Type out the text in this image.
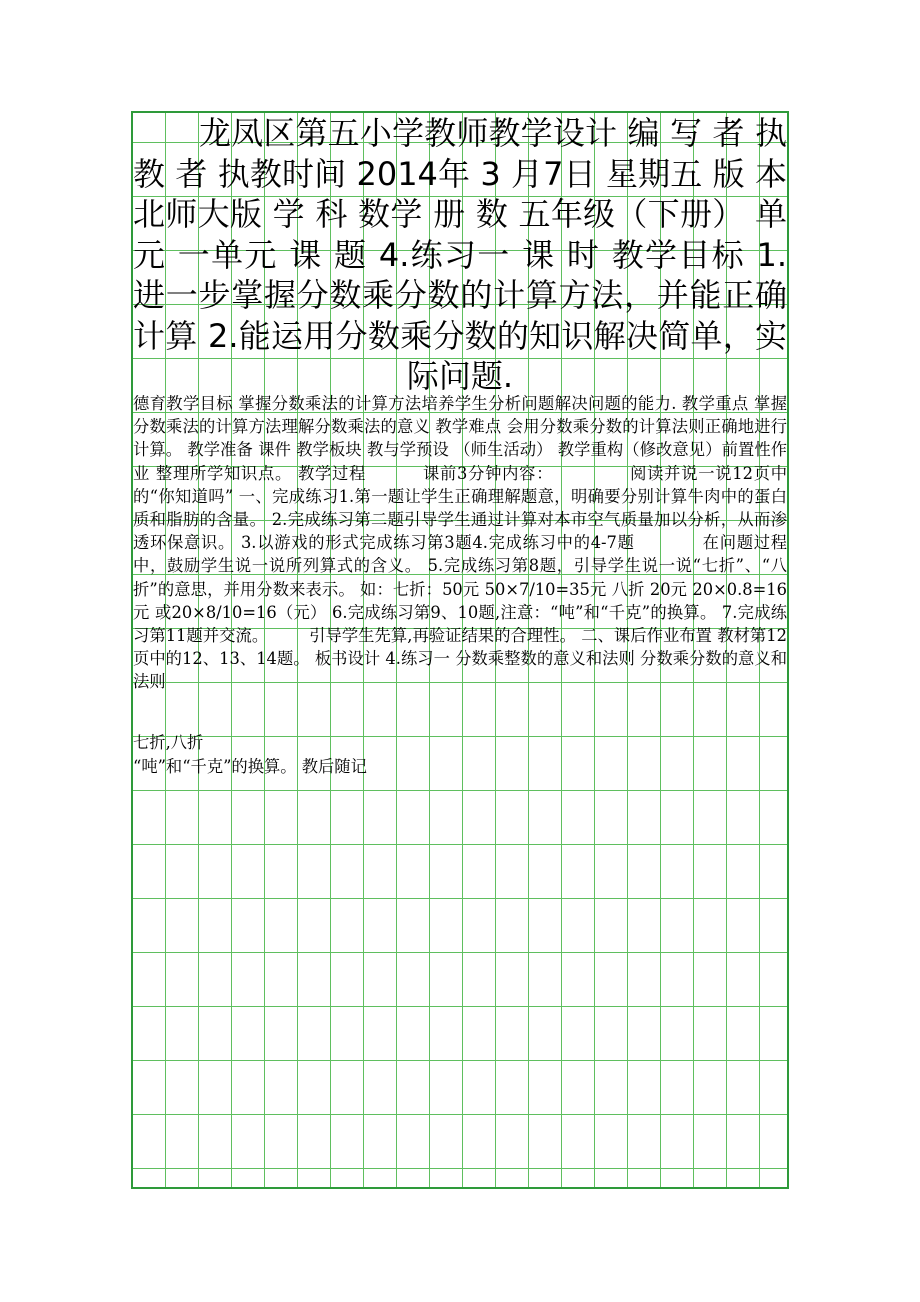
龙凤区第五小学教师教学设计 编 写 者 执 教 者 执教时间 2014年 3 月7日 星期五 版 本 北师大版 学 科 数学 册 数 五年级（下册） 单 元 一单元 课 题 4.练习一 课 时 教学目标 1.进一步掌握分数乘分数的计算方法，并能正确计算 2.能运用分数乘分数的知识解决简单，实际问题.
德育教学目标 掌握分数乘法的计算方法培养学生分析问题解决问题的能力. 教学重点 掌握分数乘法的计算方法理解分数乘法的意义 教学难点 会用分数乘分数的计算法则正确地进行计算。 教学准备 课件 教学板块 教与学预设 （师生活动） 教学重构（修改意见）前置性作业 整理所学知识点。 教学过程 　　　课前3分钟内容：　　　　　阅读并说一说12页中的“你知道吗” 一、完成练习1.第一题让学生正确理解题意，明确要分别计算牛肉中的蛋白质和脂肪的含量。 2.完成练习第二题引导学生通过计算对本市空气质量加以分析，从而渗透环保意识。 3.以游戏的形式完成练习第3题4.完成练习中的4-7题　　　　在问题过程中，鼓励学生说一说所列算式的含义。 5.完成练习第8题，引导学生说一说“七折”、“八折”的意思，并用分数来表示。 如：七折：50元 50×7/10=35元 八折 20元 20×0.8=16元 或20×8/10=16（元） 6.完成练习第9、10题,注意：“吨”和“千克”的换算。 7.完成练习第11题并交流。　　　引导学生先算,再验证结果的合理性。 二、课后作业布置 教材第12页中的12、13、14题。 板书设计 4.练习一 分数乘整数的意义和法则 分数乘分数的意义和法则
七折,八折
“吨”和“千克”的换算。 教后随记
